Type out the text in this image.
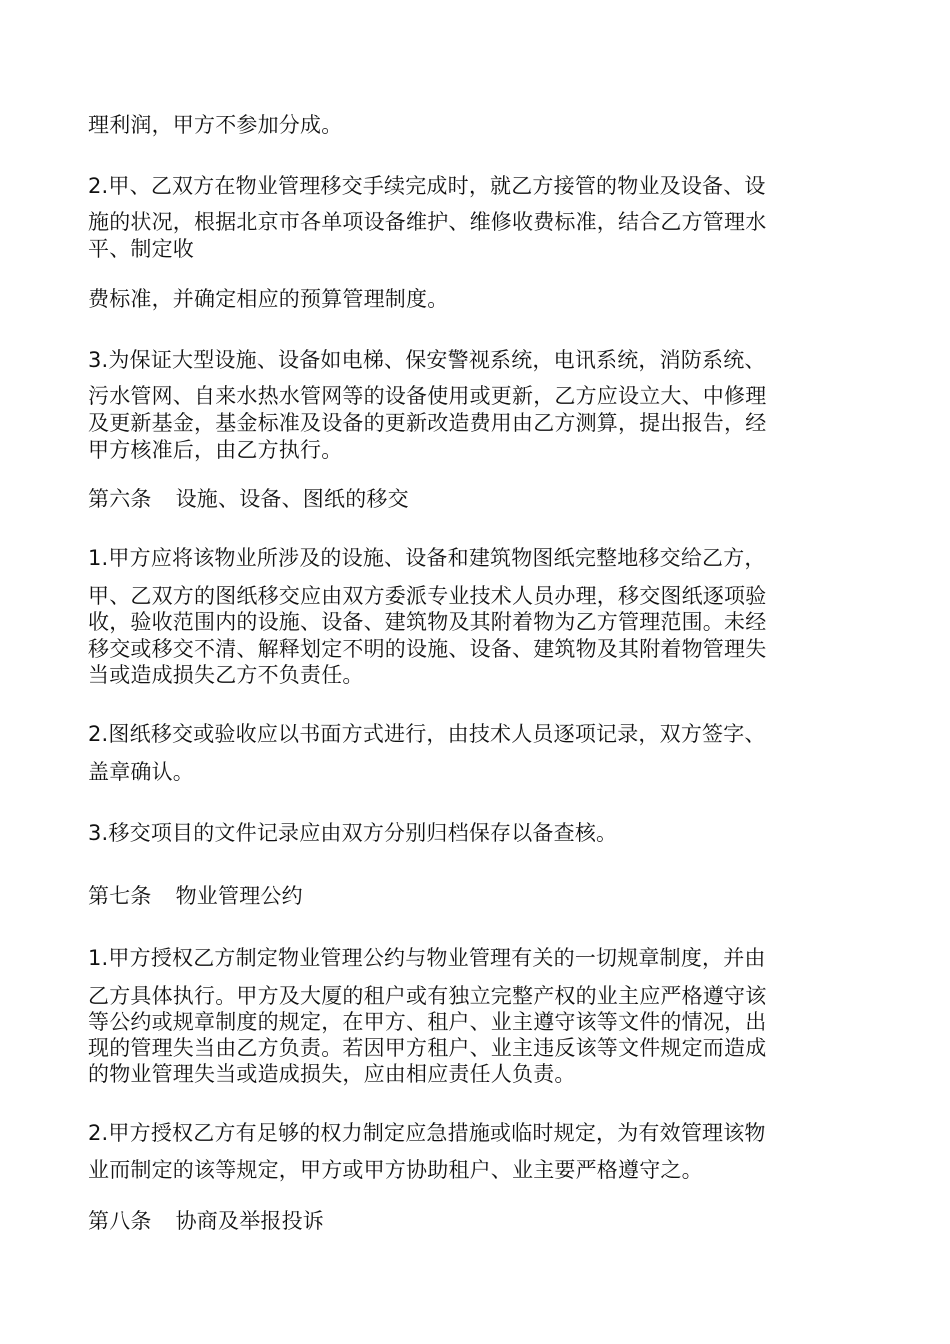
理利润，甲方不参加分成。
2.甲、乙双方在物业管理移交手续完成时，就乙方接管的物业及设备、设
施的状况，根据北京市各单项设备维护、维修收费标准，结合乙方管理水
平、制定收
费标准，并确定相应的预算管理制度。
3.为保证大型设施、设备如电梯、保安警视系统，电讯系统，消防系统、
污水管网、自来水热水管网等的设备使用或更新，乙方应设立大、中修理
及更新基金，基金标准及设备的更新改造费用由乙方测算，提出报告，经
甲方核准后，由乙方执行。
第六条 设施、设备、图纸的移交
1.甲方应将该物业所涉及的设施、设备和建筑物图纸完整地移交给乙方，
甲、乙双方的图纸移交应由双方委派专业技术人员办理，移交图纸逐项验
收，验收范围内的设施、设备、建筑物及其附着物为乙方管理范围。未经
移交或移交不清、解释划定不明的设施、设备、建筑物及其附着物管理失
当或造成损失乙方不负责任。
2.图纸移交或验收应以书面方式进行，由技术人员逐项记录，双方签字、
盖章确认。
3.移交项目的文件记录应由双方分别归档保存以备查核。
第七条 物业管理公约
1.甲方授权乙方制定物业管理公约与物业管理有关的一切规章制度，并由
乙方具体执行。甲方及大厦的租户或有独立完整产权的业主应严格遵守该
等公约或规章制度的规定，在甲方、租户、业主遵守该等文件的情况，出
现的管理失当由乙方负责。若因甲方租户、业主违反该等文件规定而造成
的物业管理失当或造成损失，应由相应责任人负责。
2.甲方授权乙方有足够的权力制定应急措施或临时规定，为有效管理该物
业而制定的该等规定，甲方或甲方协助租户、业主要严格遵守之。
第八条 协商及举报投诉
